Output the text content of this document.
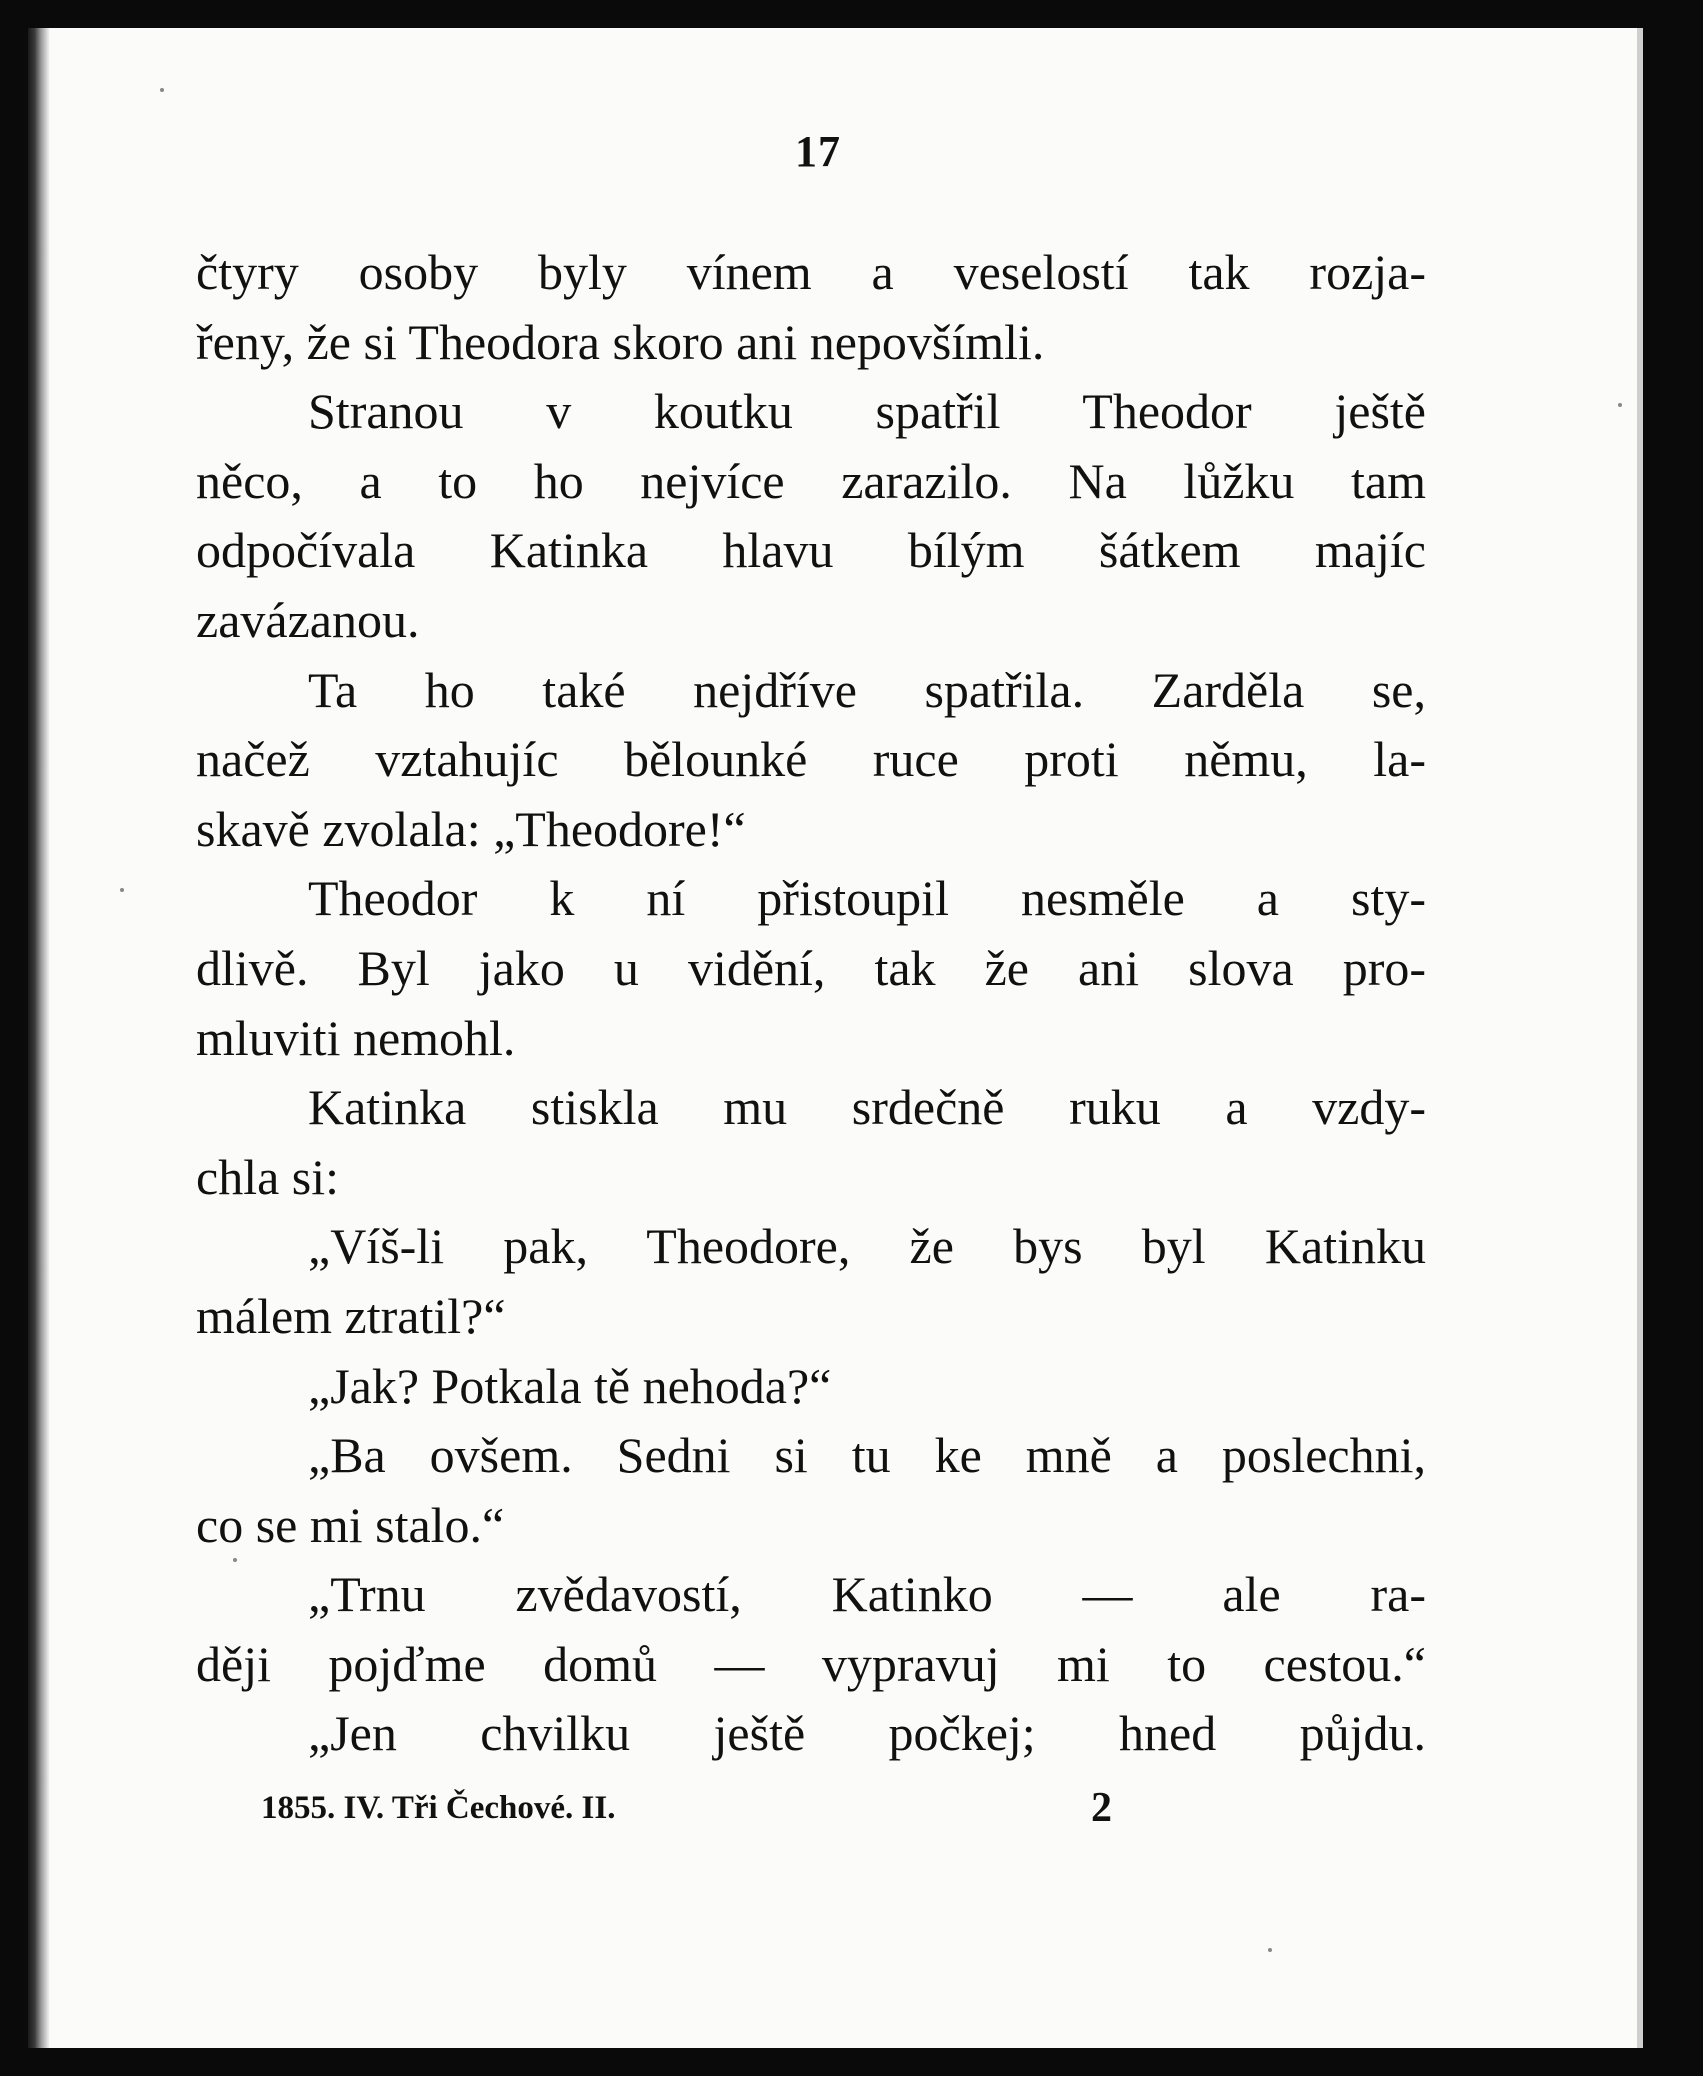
17
čtyry osoby byly vínem a veselostí tak rozja-
řeny, že si Theodora skoro ani nepovšímli.
Stranou v koutku spatřil Theodor ještě
něco, a to ho nejvíce zarazilo. Na lůžku tam
odpočívala Katinka hlavu bílým šátkem majíc
zavázanou.
Ta ho také nejdříve spatřila. Zarděla se,
načež vztahujíc bělounké ruce proti němu, la-
skavě zvolala: „Theodore!“
Theodor k ní přistoupil nesměle a sty-
dlivě. Byl jako u vidění, tak že ani slova pro-
mluviti nemohl.
Katinka stiskla mu srdečně ruku a vzdy-
chla si:
„Víš-li pak, Theodore, že bys byl Katinku
málem ztratil?“
„Jak? Potkala tě nehoda?“
„Ba ovšem. Sedni si tu ke mně a poslechni,
co se mi stalo.“
„Trnu zvědavostí, Katinko — ale ra-
ději pojďme domů — vypravuj mi to cestou.“
„Jen chvilku ještě počkej; hned půjdu.
1855. IV. Tři Čechové. II.	2
